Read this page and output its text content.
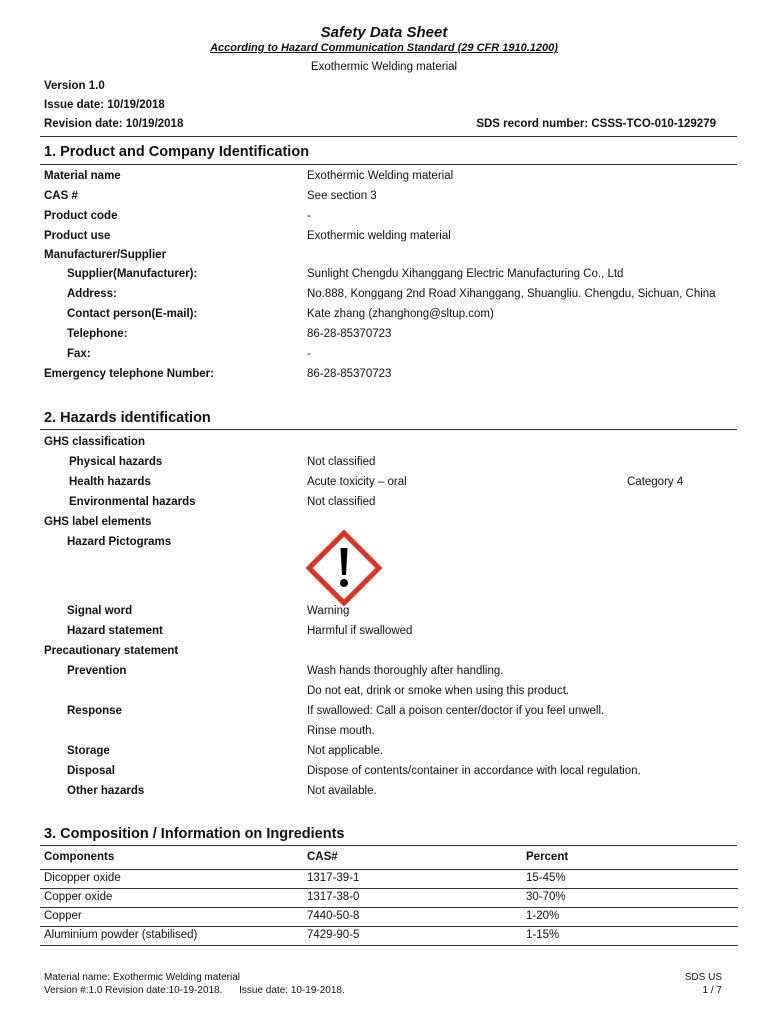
Safety Data Sheet
According to Hazard Communication Standard (29 CFR 1910.1200)
Exothermic Welding material
Version 1.0
Issue date: 10/19/2018
Revision date: 10/19/2018	SDS record number: CSSS-TCO-010-129279
1. Product and Company Identification
Material name	Exothermic Welding material
CAS #	See section 3
Product code	-
Product use	Exothermic welding material
Manufacturer/Supplier
Supplier(Manufacturer):	Sunlight Chengdu Xihanggang Electric Manufacturing Co., Ltd
Address:	No.888, Konggang 2nd Road Xihanggang, Shuangliu. Chengdu, Sichuan, China
Contact person(E-mail):	Kate zhang (zhanghong@sltup.com)
Telephone:	86-28-85370723
Fax:	-
Emergency telephone Number:	86-28-85370723
2. Hazards identification
GHS classification
Physical hazards	Not classified
Health hazards	Acute toxicity – oral	Category 4
Environmental hazards	Not classified
GHS label elements
Hazard Pictograms
Signal word	Warning
Hazard statement	Harmful if swallowed
Precautionary statement
Prevention	Wash hands thoroughly after handling.
Do not eat, drink or smoke when using this product.
Response	If swallowed: Call a poison center/doctor if you feel unwell.
Rinse mouth.
Storage	Not applicable.
Disposal	Dispose of contents/container in accordance with local regulation.
Other hazards	Not available.
3. Composition / Information on Ingredients
Components	CAS#	Percent
Dicopper oxide	1317-39-1	15-45%
Copper oxide	1317-38-0	30-70%
Copper	7440-50-8	1-20%
Aluminium powder (stabilised)	7429-90-5	1-15%
Material name: Exothermic Welding material
Version #:1.0 Revision date:10-19-2018.      Issue date: 10-19-2018.
SDS US
1 / 7
